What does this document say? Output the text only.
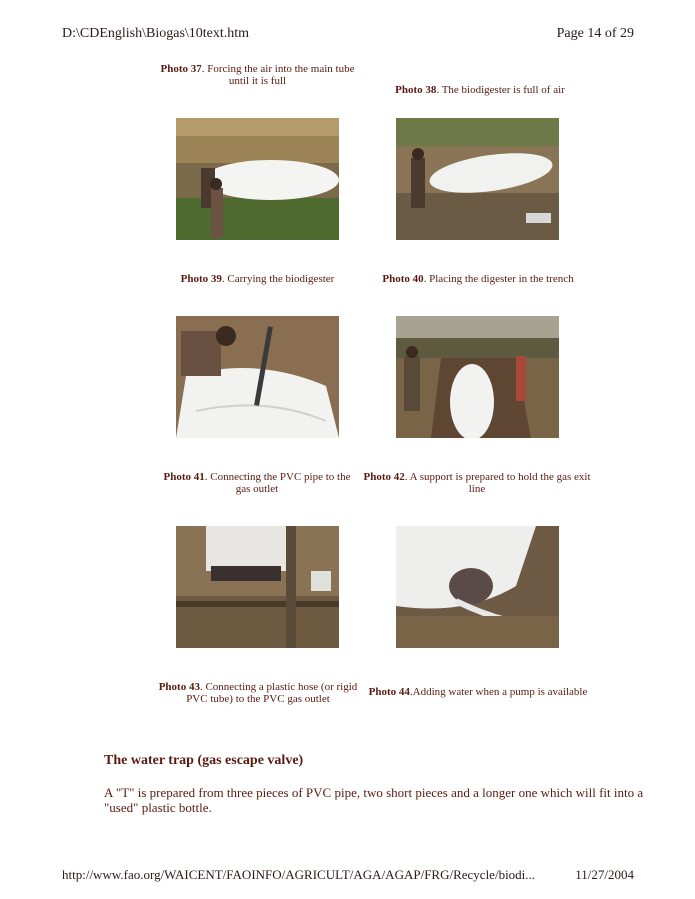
D:\CDEnglish\Biogas\10text.htm	Page 14 of 29
Photo 37. Forcing the air into the main tube until it is full
Photo 38. The biodigester is full of air
Photo 39. Carrying the biodigester	Photo 40. Placing the digester in the trench
Photo 41. Connecting the PVC pipe to the gas outlet
Photo 42. A support is prepared to hold the gas exit line
Photo 43. Connecting a plastic hose (or rigid PVC tube) to the PVC gas outlet
Photo 44.Adding water when a pump is available
The water trap (gas escape valve)
A "T" is prepared from three pieces of PVC pipe, two short pieces and a longer one which will fit into a "used" plastic bottle.
http://www.fao.org/WAICENT/FAOINFO/AGRICULT/AGA/AGAP/FRG/Recycle/biodi...	11/27/2004
